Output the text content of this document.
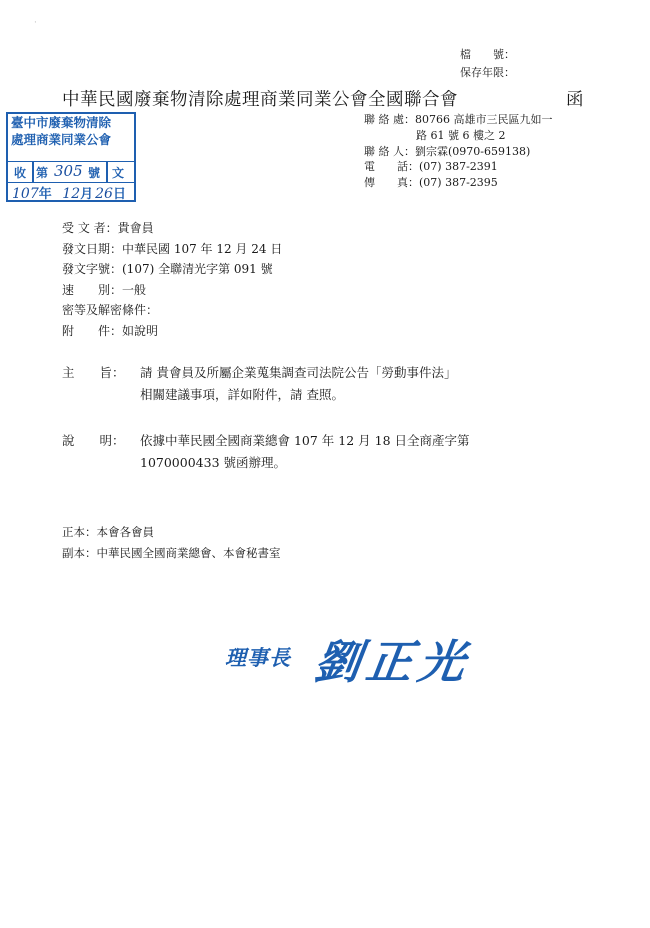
·
檔　　號：
保存年限：
中華民國廢棄物清除處理商業同業公會全國聯合會	函
聯 絡 處：80766 高雄市三民區九如一
路 61 號 6 樓之 2
聯 絡 人：劉宗霖(0970-659138)
電　　話：(07) 387-2391
傳　　真：(07) 387-2395
臺中市廢棄物清除
處理商業同業公會
收 第 305 號 文
107年 12月 26日
受 文 者：貴會員
發文日期：中華民國 107 年 12 月 24 日
發文字號：(107) 全聯清光字第 091 號
速　　別：一般
密等及解密條件：
附　　件：如說明
主　　旨： 請 貴會員及所屬企業蒐集調查司法院公告「勞動事件法」
相關建議事項，詳如附件，請 查照。
說　　明： 依據中華民國全國商業總會 107 年 12 月 18 日全商產字第
1070000433 號函辦理。
正本：本會各會員
副本：中華民國全國商業總會、本會秘書室
理事長 劉正光
